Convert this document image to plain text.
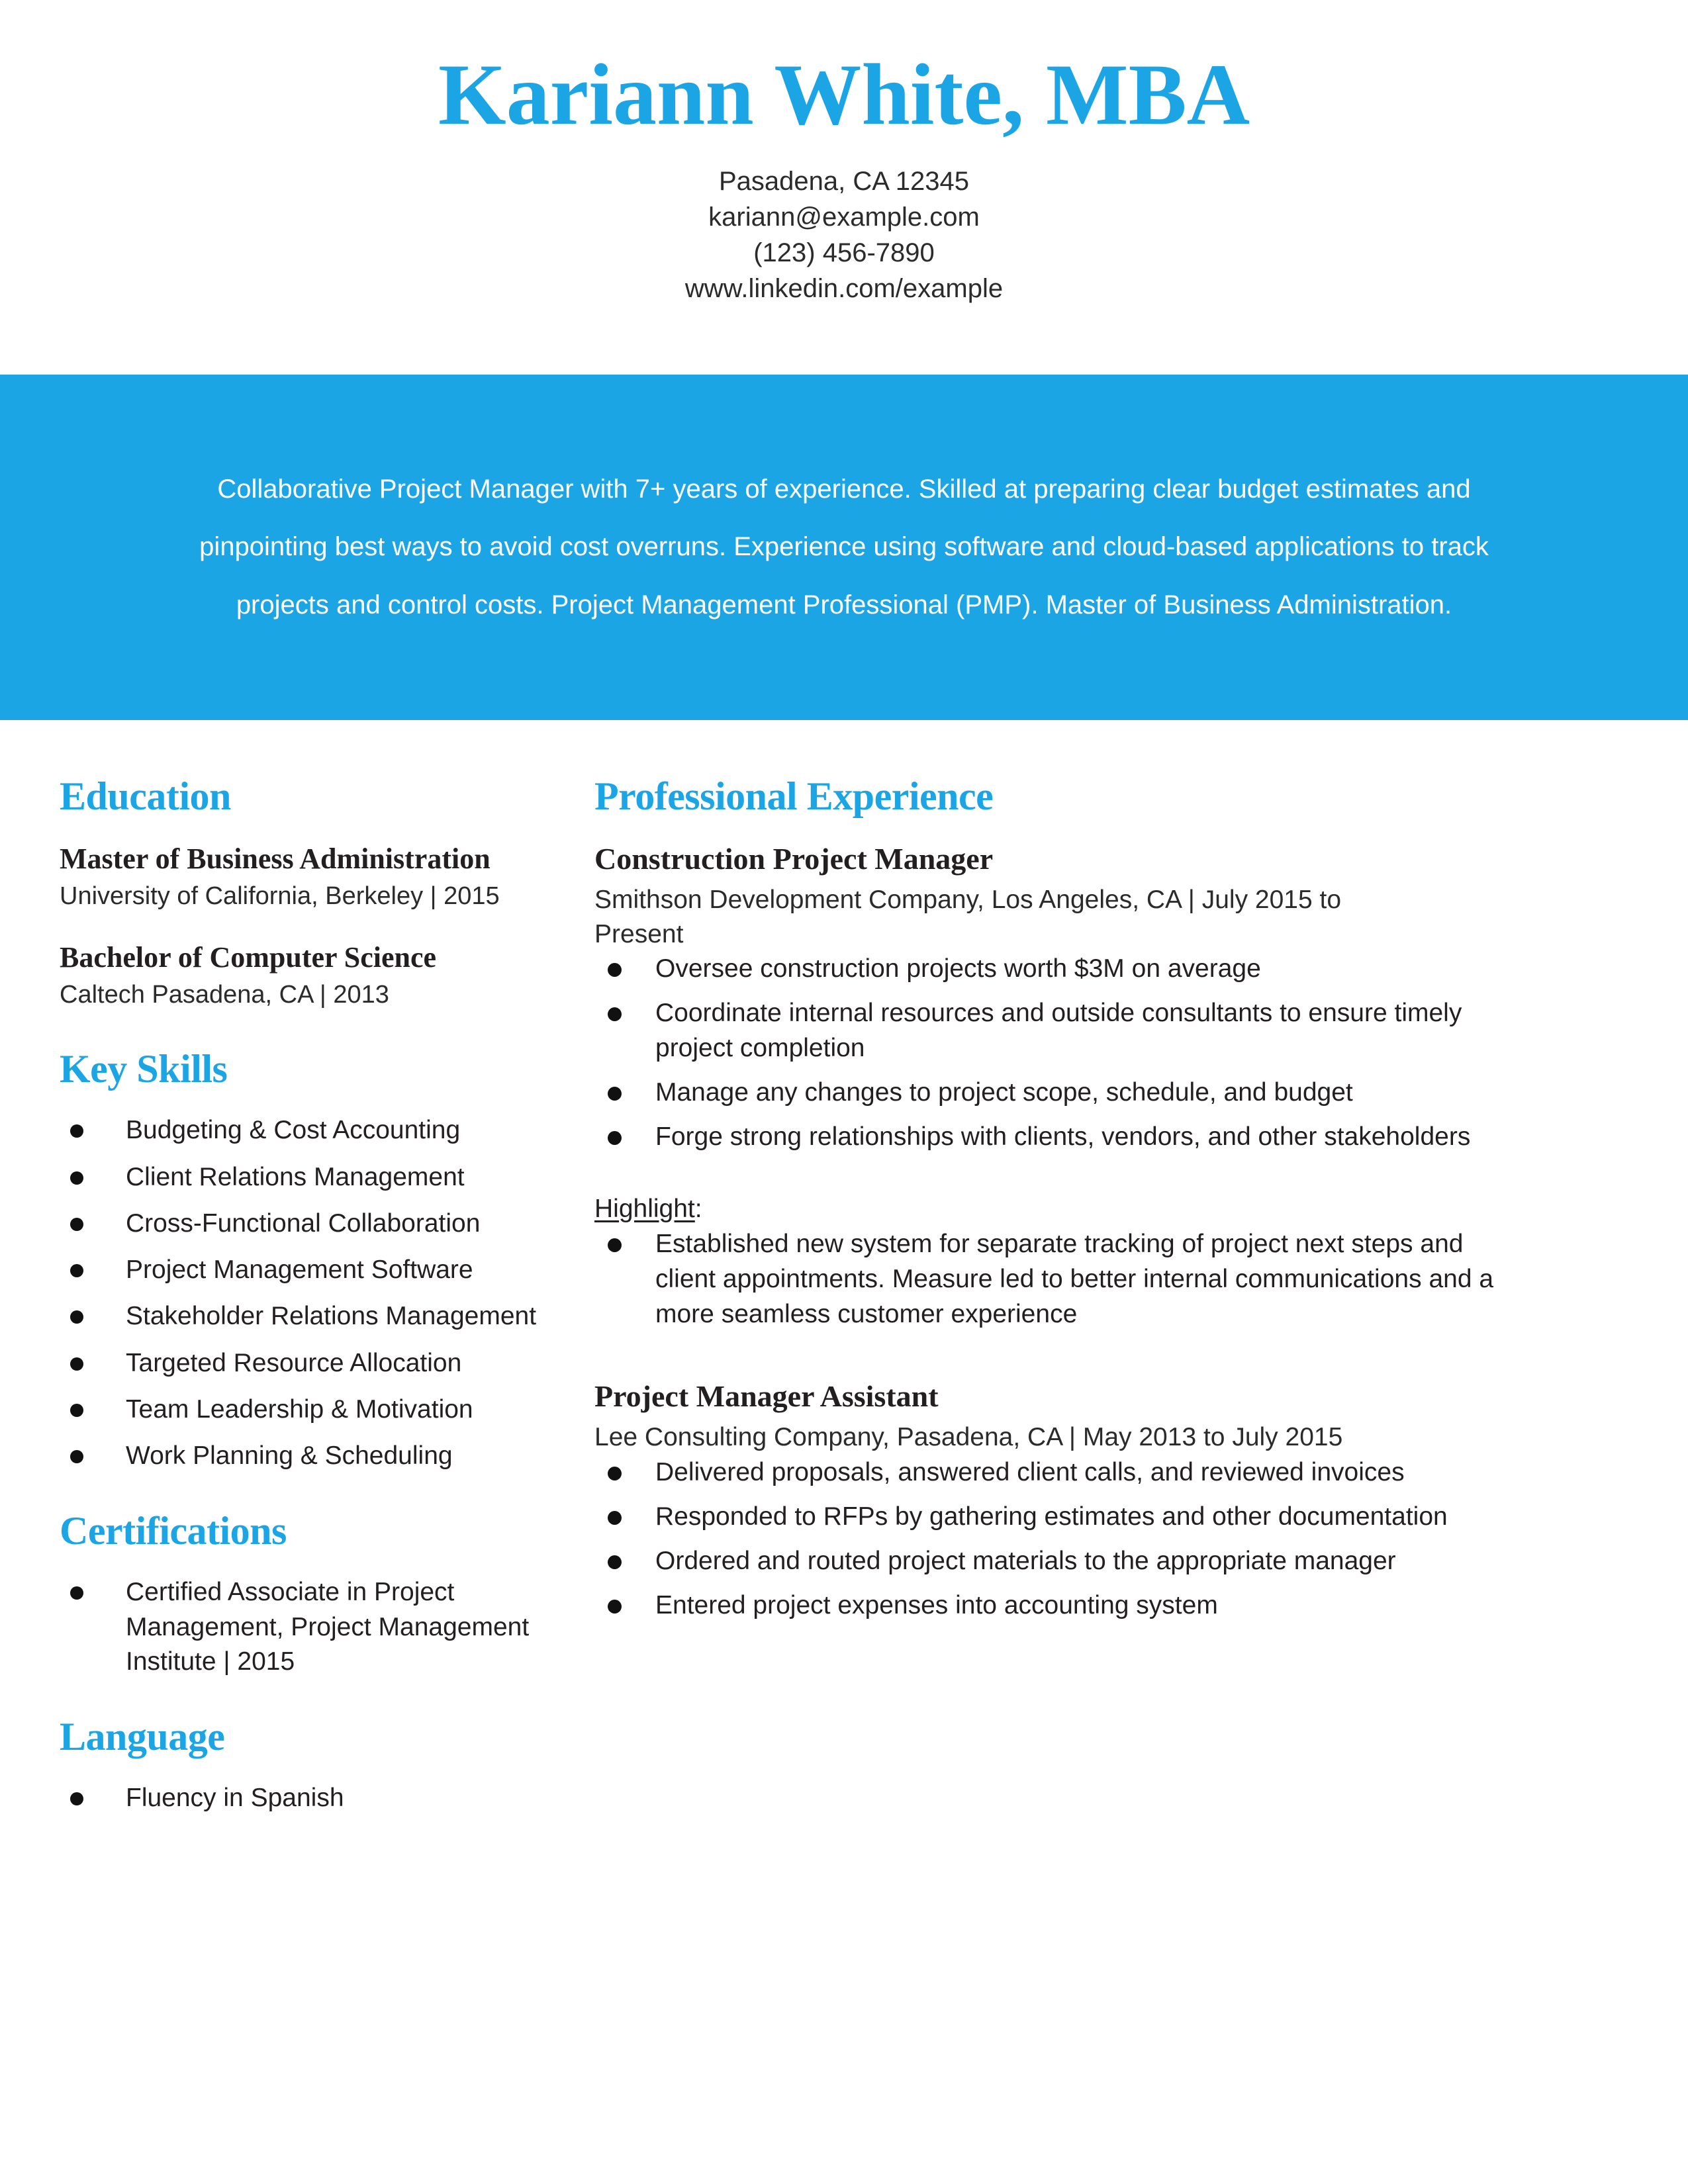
Kariann White, MBA
Pasadena, CA 12345
kariann@example.com
(123) 456-7890
www.linkedin.com/example
Collaborative Project Manager with 7+ years of experience. Skilled at preparing clear budget estimates and pinpointing best ways to avoid cost overruns. Experience using software and cloud-based applications to track projects and control costs. Project Management Professional (PMP). Master of Business Administration.
Education
Master of Business Administration
University of California, Berkeley | 2015
Bachelor of Computer Science
Caltech Pasadena, CA | 2013
Key Skills
Budgeting & Cost Accounting
Client Relations Management
Cross-Functional Collaboration
Project Management Software
Stakeholder Relations Management
Targeted Resource Allocation
Team Leadership & Motivation
Work Planning & Scheduling
Certifications
Certified Associate in Project Management, Project Management Institute | 2015
Language
Fluency in Spanish
Professional Experience
Construction Project Manager
Smithson Development Company, Los Angeles, CA | July 2015 to Present
Oversee construction projects worth $3M on average
Coordinate internal resources and outside consultants to ensure timely project completion
Manage any changes to project scope, schedule, and budget
Forge strong relationships with clients, vendors, and other stakeholders
Highlight:
Established new system for separate tracking of project next steps and client appointments. Measure led to better internal communications and a more seamless customer experience
Project Manager Assistant
Lee Consulting Company, Pasadena, CA | May 2013 to July 2015
Delivered proposals, answered client calls, and reviewed invoices
Responded to RFPs by gathering estimates and other documentation
Ordered and routed project materials to the appropriate manager
Entered project expenses into accounting system
